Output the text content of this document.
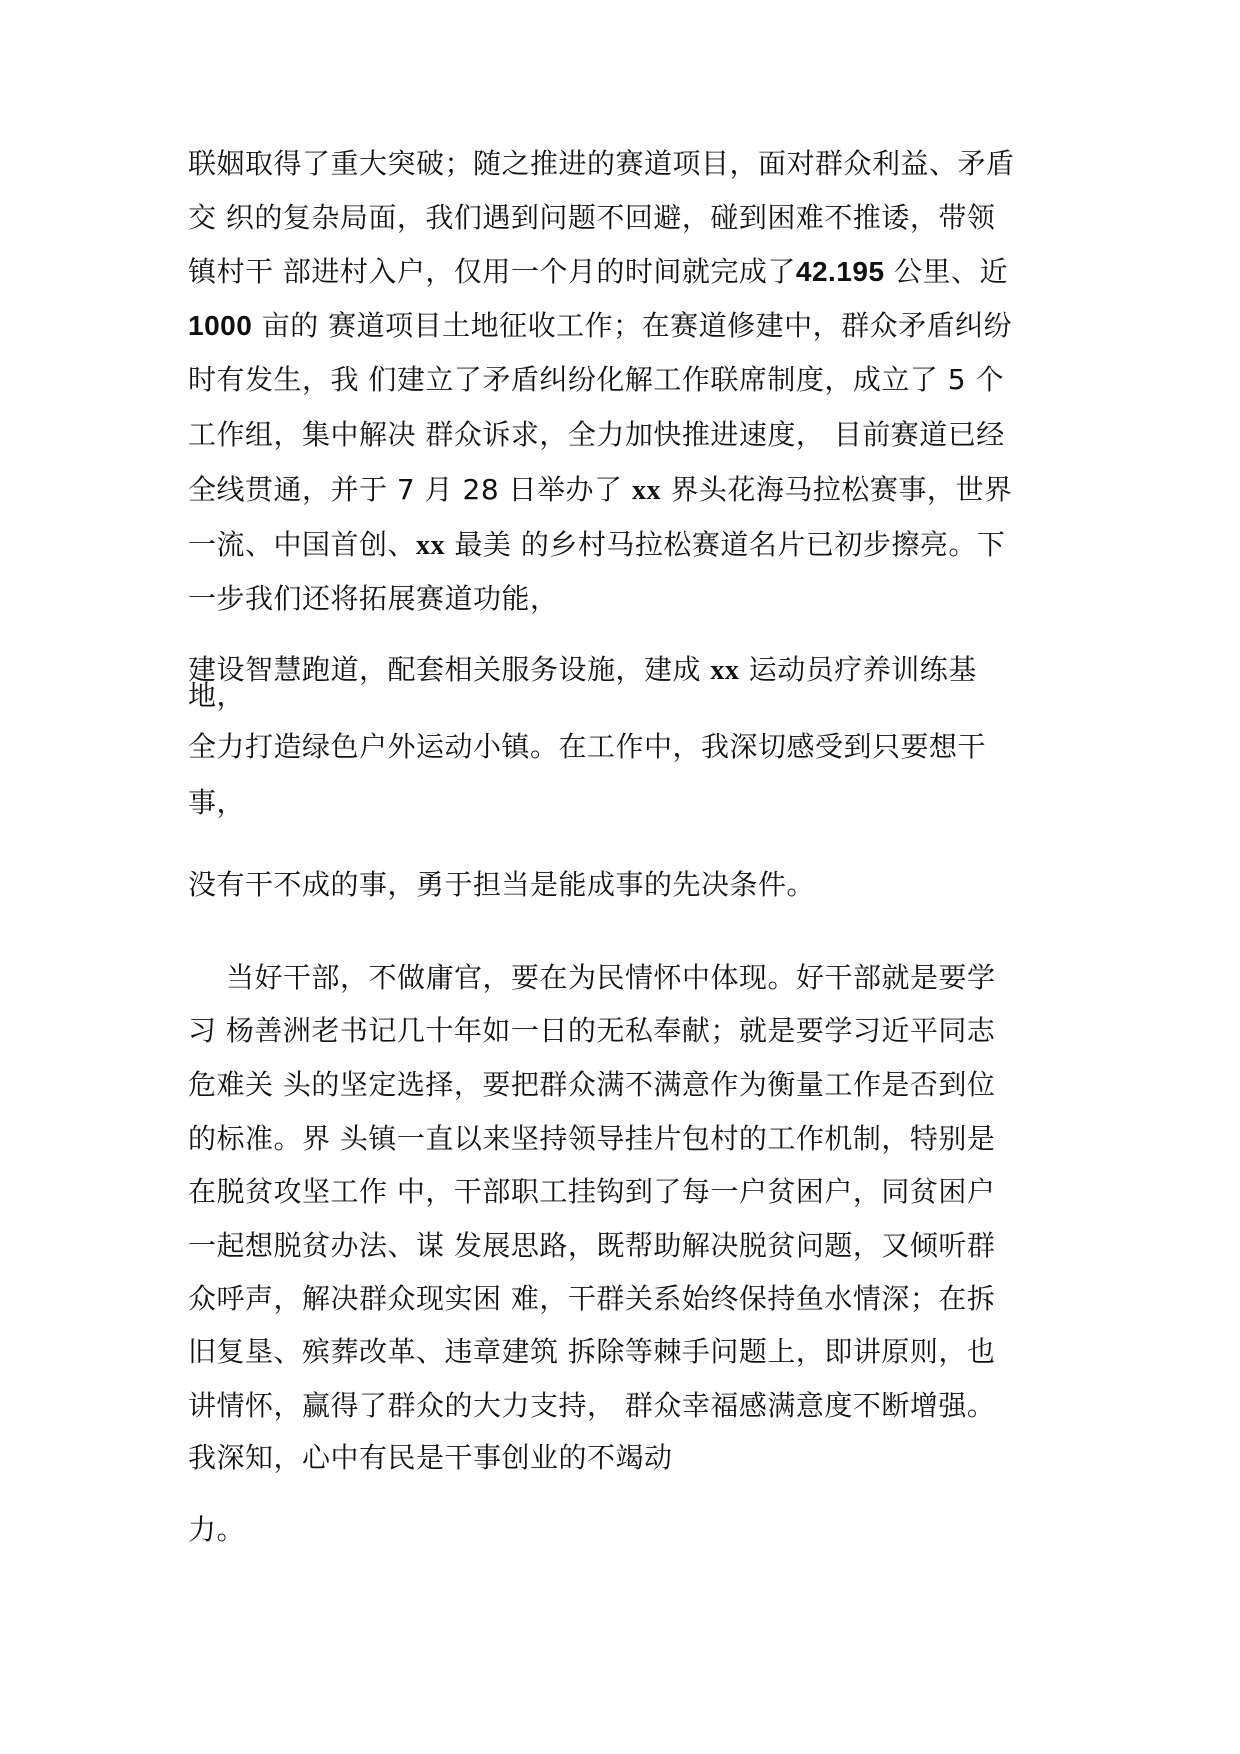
联姻取得了重大突破；随之推进的赛道项目，面对群众利益、矛盾
交 织的复杂局面，我们遇到问题不回避，碰到困难不推诿，带领
镇村干 部进村入户，仅用一个月的时间就完成了42.195 公里、近
1000 亩的 赛道项目土地征收工作；在赛道修建中，群众矛盾纠纷
时有发生，我 们建立了矛盾纠纷化解工作联席制度，成立了 5 个
工作组，集中解决 群众诉求，全力加快推进速度， 目前赛道已经
全线贯通，并于 7 月 28 日举办了 xx 界头花海马拉松赛事，世界
一流、中国首创、xx 最美 的乡村马拉松赛道名片已初步擦亮。下
一步我们还将拓展赛道功能，
建设智慧跑道，配套相关服务设施，建成 xx 运动员疗养训练基
地，
全力打造绿色户外运动小镇。在工作中，我深切感受到只要想干
事，
没有干不成的事，勇于担当是能成事的先决条件。
当好干部，不做庸官，要在为民情怀中体现。好干部就是要学
习 杨善洲老书记几十年如一日的无私奉献；就是要学习近平同志
危难关 头的坚定选择，要把群众满不满意作为衡量工作是否到位
的标准。界 头镇一直以来坚持领导挂片包村的工作机制，特别是
在脱贫攻坚工作 中，干部职工挂钩到了每一户贫困户，同贫困户
一起想脱贫办法、谋 发展思路，既帮助解决脱贫问题，又倾听群
众呼声，解决群众现实困 难，干群关系始终保持鱼水情深；在拆
旧复垦、殡葬改革、违章建筑 拆除等棘手问题上，即讲原则，也
讲情怀，赢得了群众的大力支持， 群众幸福感满意度不断增强。
我深知，心中有民是干事创业的不竭动
力。
